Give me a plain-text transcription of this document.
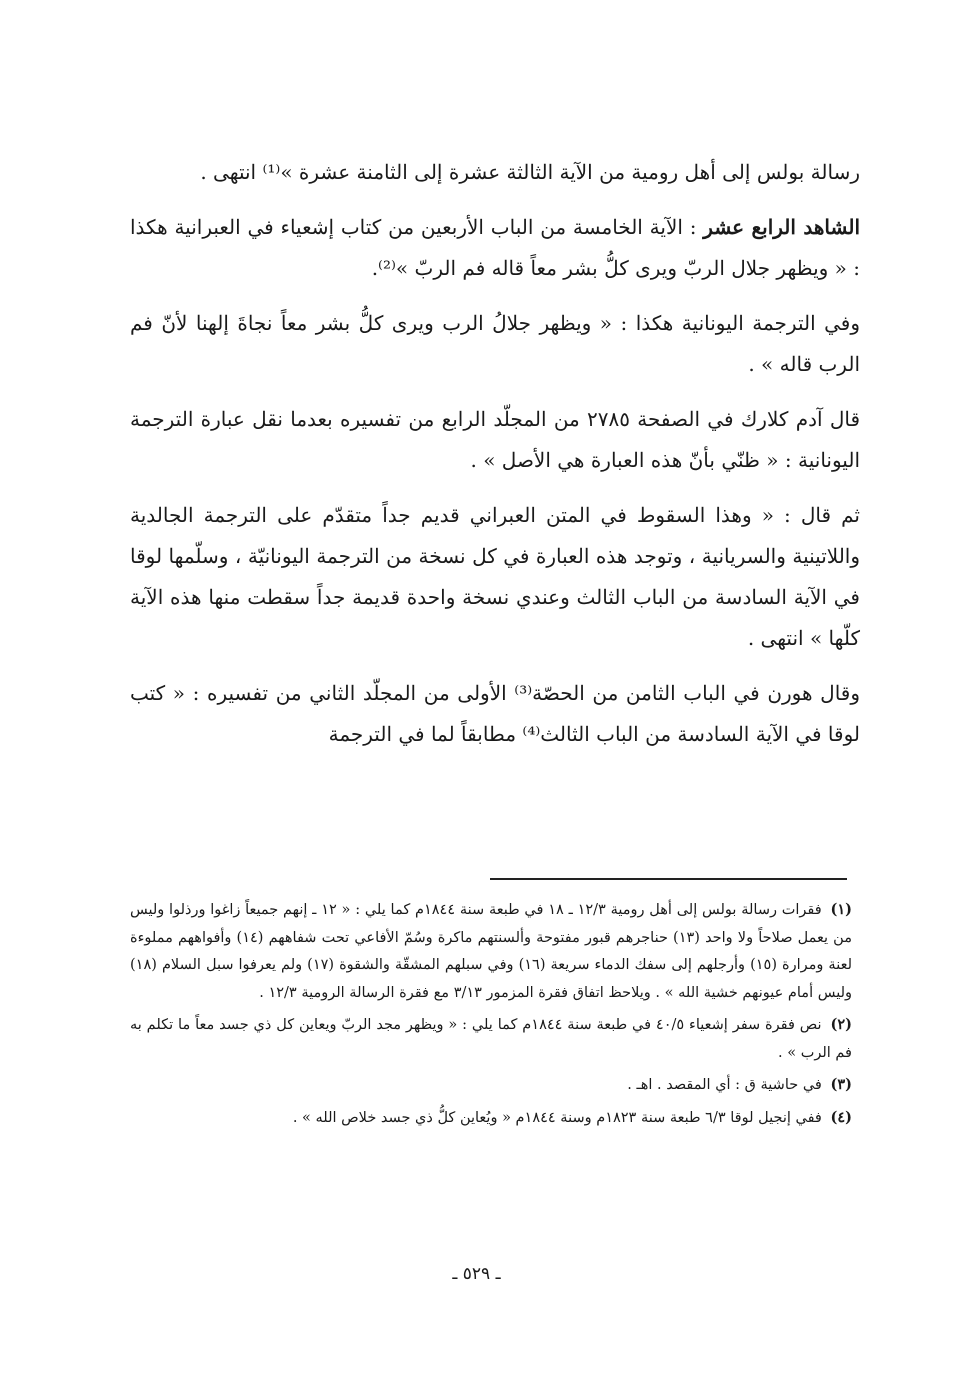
رسالة بولس إلى أهل رومية من الآية الثالثة عشرة إلى الثامنة عشرة »⁽¹⁾ انتهى .

الشاهد الرابع عشر : الآية الخامسة من الباب الأربعين من كتاب إشعياء في العبرانية هكذا : « ويظهر جلال الربّ ويرى كلُّ بشر معاً قاله فم الربّ »⁽²⁾.

وفي الترجمة اليونانية هكذا : « ويظهر جلالُ الرب ويرى كلُّ بشر معاً نجاةَ إلهنا لأنّ فم الرب قاله » .

قال آدم كلارك في الصفحة ٢٧٨٥ من المجلّد الرابع من تفسيره بعدما نقل عبارة الترجمة اليونانية : « ظنّي بأنّ هذه العبارة هي الأصل » .

ثم قال : « وهذا السقوط في المتن العبراني قديم جداً متقدّم على الترجمة الجالدية واللاتينية والسريانية ، وتوجد هذه العبارة في كل نسخة من الترجمة اليونانيّة ، وسلّمها لوقا في الآية السادسة من الباب الثالث وعندي نسخة واحدة قديمة جداً سقطت منها هذه الآية كلّها » انتهى .

وقال هورن في الباب الثامن من الحصّة⁽³⁾ الأولى من المجلّد الثاني من تفسيره : « كتب لوقا في الآية السادسة من الباب الثالث⁽⁴⁾ مطابقاً لما في الترجمة

(١) فقرات رسالة بولس إلى أهل رومية ١٢/٣ ـ ١٨ في طبعة سنة ١٨٤٤م كما يلي : « ١٢ ـ إنهم جميعاً زاغوا ورذلوا وليس من يعمل صلاحاً ولا واحد (١٣) حناجرهم قبور مفتوحة وألسنتهم ماكرة وسُمّ الأفاعي تحت شفاههم (١٤) وأفواههم مملوءة لعنة ومرارة (١٥) وأرجلهم إلى سفك الدماء سريعة (١٦) وفي سبلهم المشقّة والشقوة (١٧) ولم يعرفوا سبل السلام (١٨) وليس أمام عيونهم خشية الله » . ويلاحظ اتفاق فقرة المزمور ٣/١٣ مع فقرة الرسالة الرومية ١٢/٣ .

(٢) نص فقرة سفر إشعياء ٤٠/٥ في طبعة سنة ١٨٤٤م كما يلي : « ويظهر مجد الربّ ويعاين كل ذي جسد معاً ما تكلم به فم الرب » .

(٣) في حاشية ق : أي المقصد . اهـ .

(٤) ففي إنجيل لوقا ٦/٣ طبعة سنة ١٨٢٣م وسنة ١٨٤٤م « ويُعاين كلُّ ذي جسد خلاص الله » .

ـ ٥٢٩ ـ
